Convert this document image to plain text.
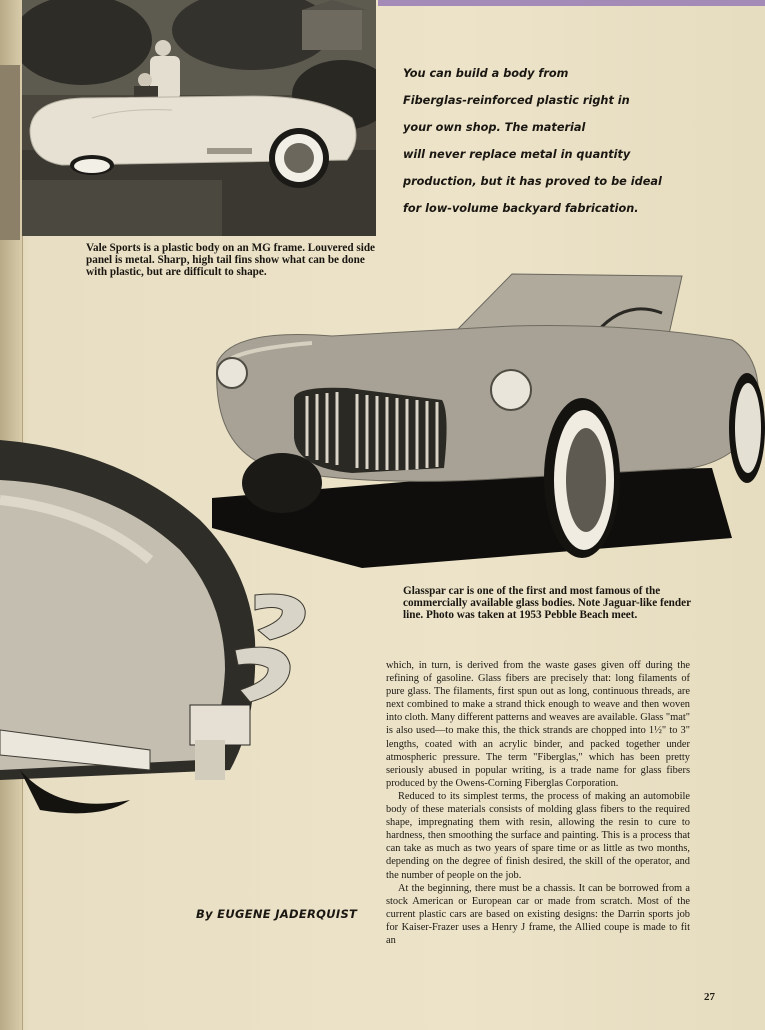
Vale Sports is a plastic body on an MG frame. Louvered side panel is metal. Sharp, high tail fins show what can be done with plastic, but are difficult to shape.
You can build a body from
Fiberglas-reinforced plastic right in
your own shop. The material
will never replace metal in quantity
production, but it has proved to be ideal
for low-volume backyard fabrication.
Glasspar car is one of the first and most famous of the commercially available glass bodies. Note Jaguar-like fender line. Photo was taken at 1953 Pebble Beach meet.

which, in turn, is derived from the waste gases given off during the refining of gasoline. Glass fibers are precisely that: long filaments of pure glass. The filaments, first spun out as long, continuous threads, are next combined to make a strand thick enough to weave and then woven into cloth. Many different patterns and weaves are available. Glass "mat" is also used—to make this, the thick strands are chopped into 1½" to 3" lengths, coated with an acrylic binder, and packed together under atmospheric pressure. The term "Fiberglas," which has been pretty seriously abused in popular writing, is a trade name for glass fibers produced by the Owens-Corning Fiberglas Corporation.

Reduced to its simplest terms, the process of making an automobile body of these materials consists of molding glass fibers to the required shape, impregnating them with resin, allowing the resin to cure to hardness, then smoothing the surface and painting. This is a process that can take as much as two years of spare time or as little as two months, depending on the degree of finish desired, the skill of the operator, and the number of people on the job.

At the beginning, there must be a chassis. It can be borrowed from a stock American or European car or made from scratch. Most of the current plastic cars are based on existing designs: the Darrin sports job for Kaiser-Frazer uses a Henry J frame, the Allied coupe is made to fit an

By EUGENE JADERQUIST
27
